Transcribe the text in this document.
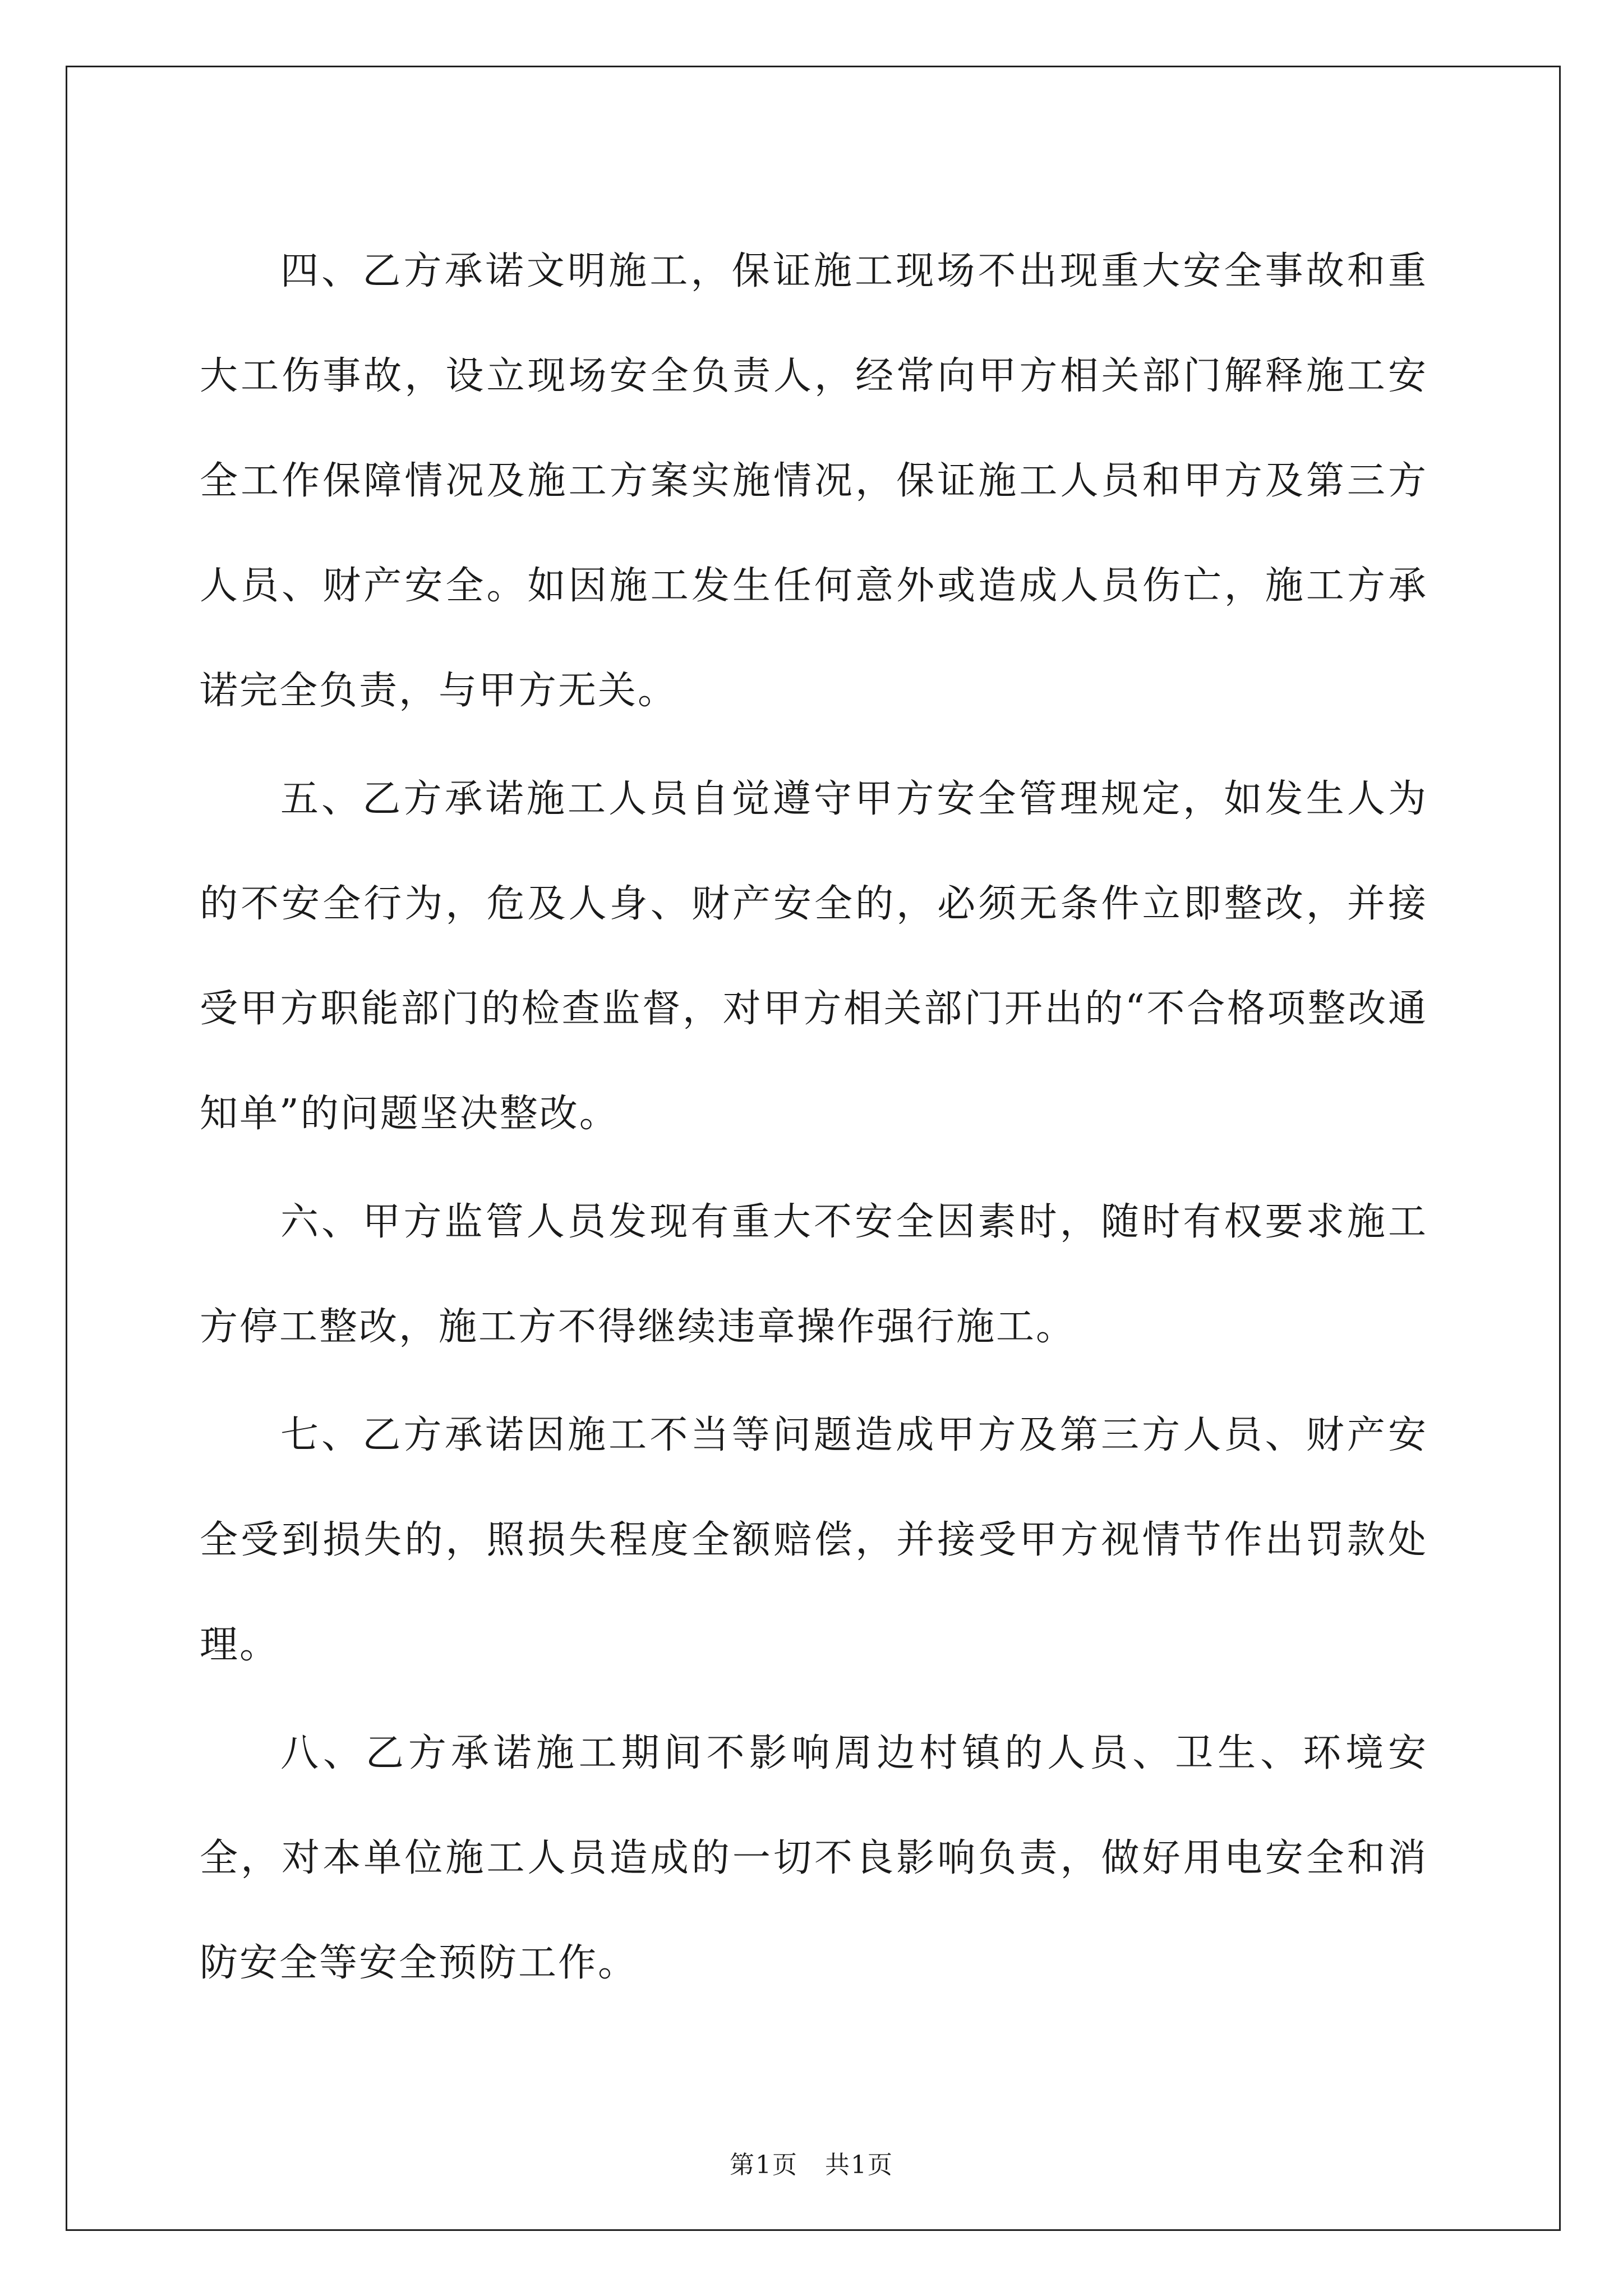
四、乙方承诺文明施工，保证施工现场不出现重大安全事故和重大工伤事故，设立现场安全负责人，经常向甲方相关部门解释施工安全工作保障情况及施工方案实施情况，保证施工人员和甲方及第三方人员、财产安全。如因施工发生任何意外或造成人员伤亡，施工方承诺完全负责，与甲方无关。

五、乙方承诺施工人员自觉遵守甲方安全管理规定，如发生人为的不安全行为，危及人身、财产安全的，必须无条件立即整改，并接受甲方职能部门的检查监督，对甲方相关部门开出的“不合格项整改通知单”的问题坚决整改。

六、甲方监管人员发现有重大不安全因素时，随时有权要求施工方停工整改，施工方不得继续违章操作强行施工。

七、乙方承诺因施工不当等问题造成甲方及第三方人员、财产安全受到损失的，照损失程度全额赔偿，并接受甲方视情节作出罚款处理。

八、乙方承诺施工期间不影响周边村镇的人员、卫生、环境安全，对本单位施工人员造成的一切不良影响负责，做好用电安全和消防安全等安全预防工作。

第1页 共1页
